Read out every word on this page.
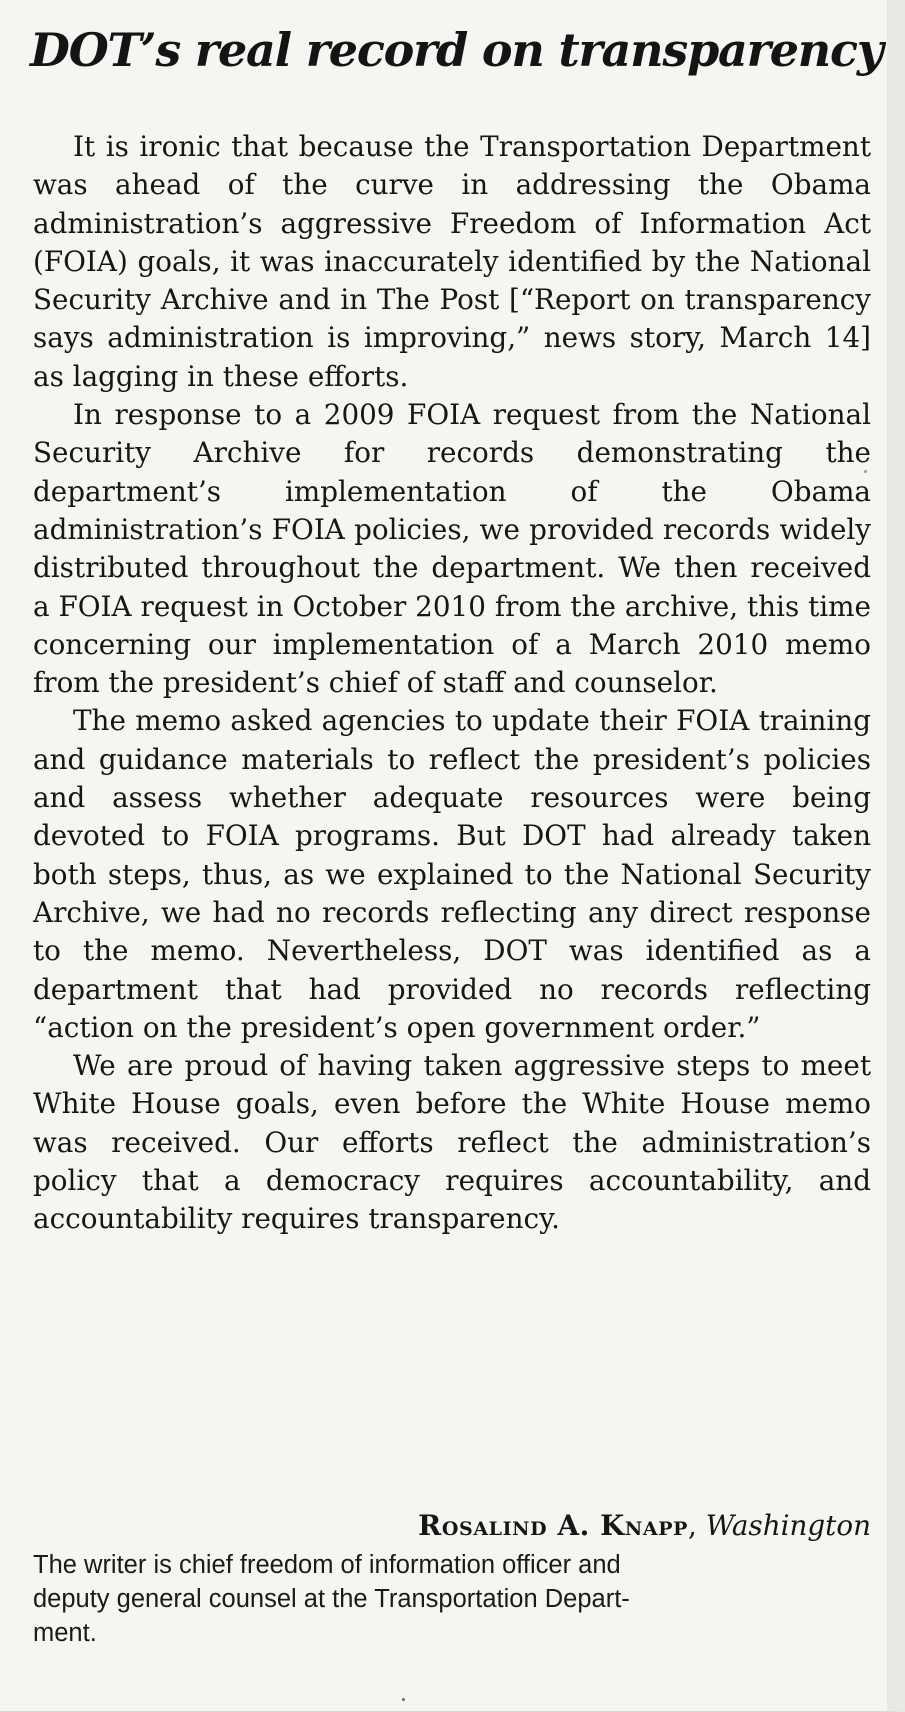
DOT’s real record on transparency

It is ironic that because the Transportation Department was ahead of the curve in addressing the Obama administration’s aggressive Freedom of Information Act (FOIA) goals, it was inaccurately identified by the National Security Archive and in The Post [“Report on transparency says administration is improving,” news story, March 14] as lagging in these efforts.

In response to a 2009 FOIA request from the National Security Archive for records demonstrating the department’s implementation of the Obama administration’s FOIA policies, we provided records widely distributed throughout the department. We then received a FOIA request in October 2010 from the archive, this time concerning our implementation of a March 2010 memo from the president’s chief of staff and counselor.

The memo asked agencies to update their FOIA training and guidance materials to reflect the president’s policies and assess whether adequate resources were being devoted to FOIA programs. But DOT had already taken both steps, thus, as we explained to the National Security Archive, we had no records reflecting any direct response to the memo. Nevertheless, DOT was identified as a department that had provided no records reflecting “action on the president’s open government order.”

We are proud of having taken aggressive steps to meet White House goals, even before the White House memo was received. Our efforts reflect the administration’s policy that a democracy requires accountability, and accountability requires transparency.

Rosalind A. Knapp, Washington
The writer is chief freedom of information officer and
deputy general counsel at the Transportation Depart-
ment.
